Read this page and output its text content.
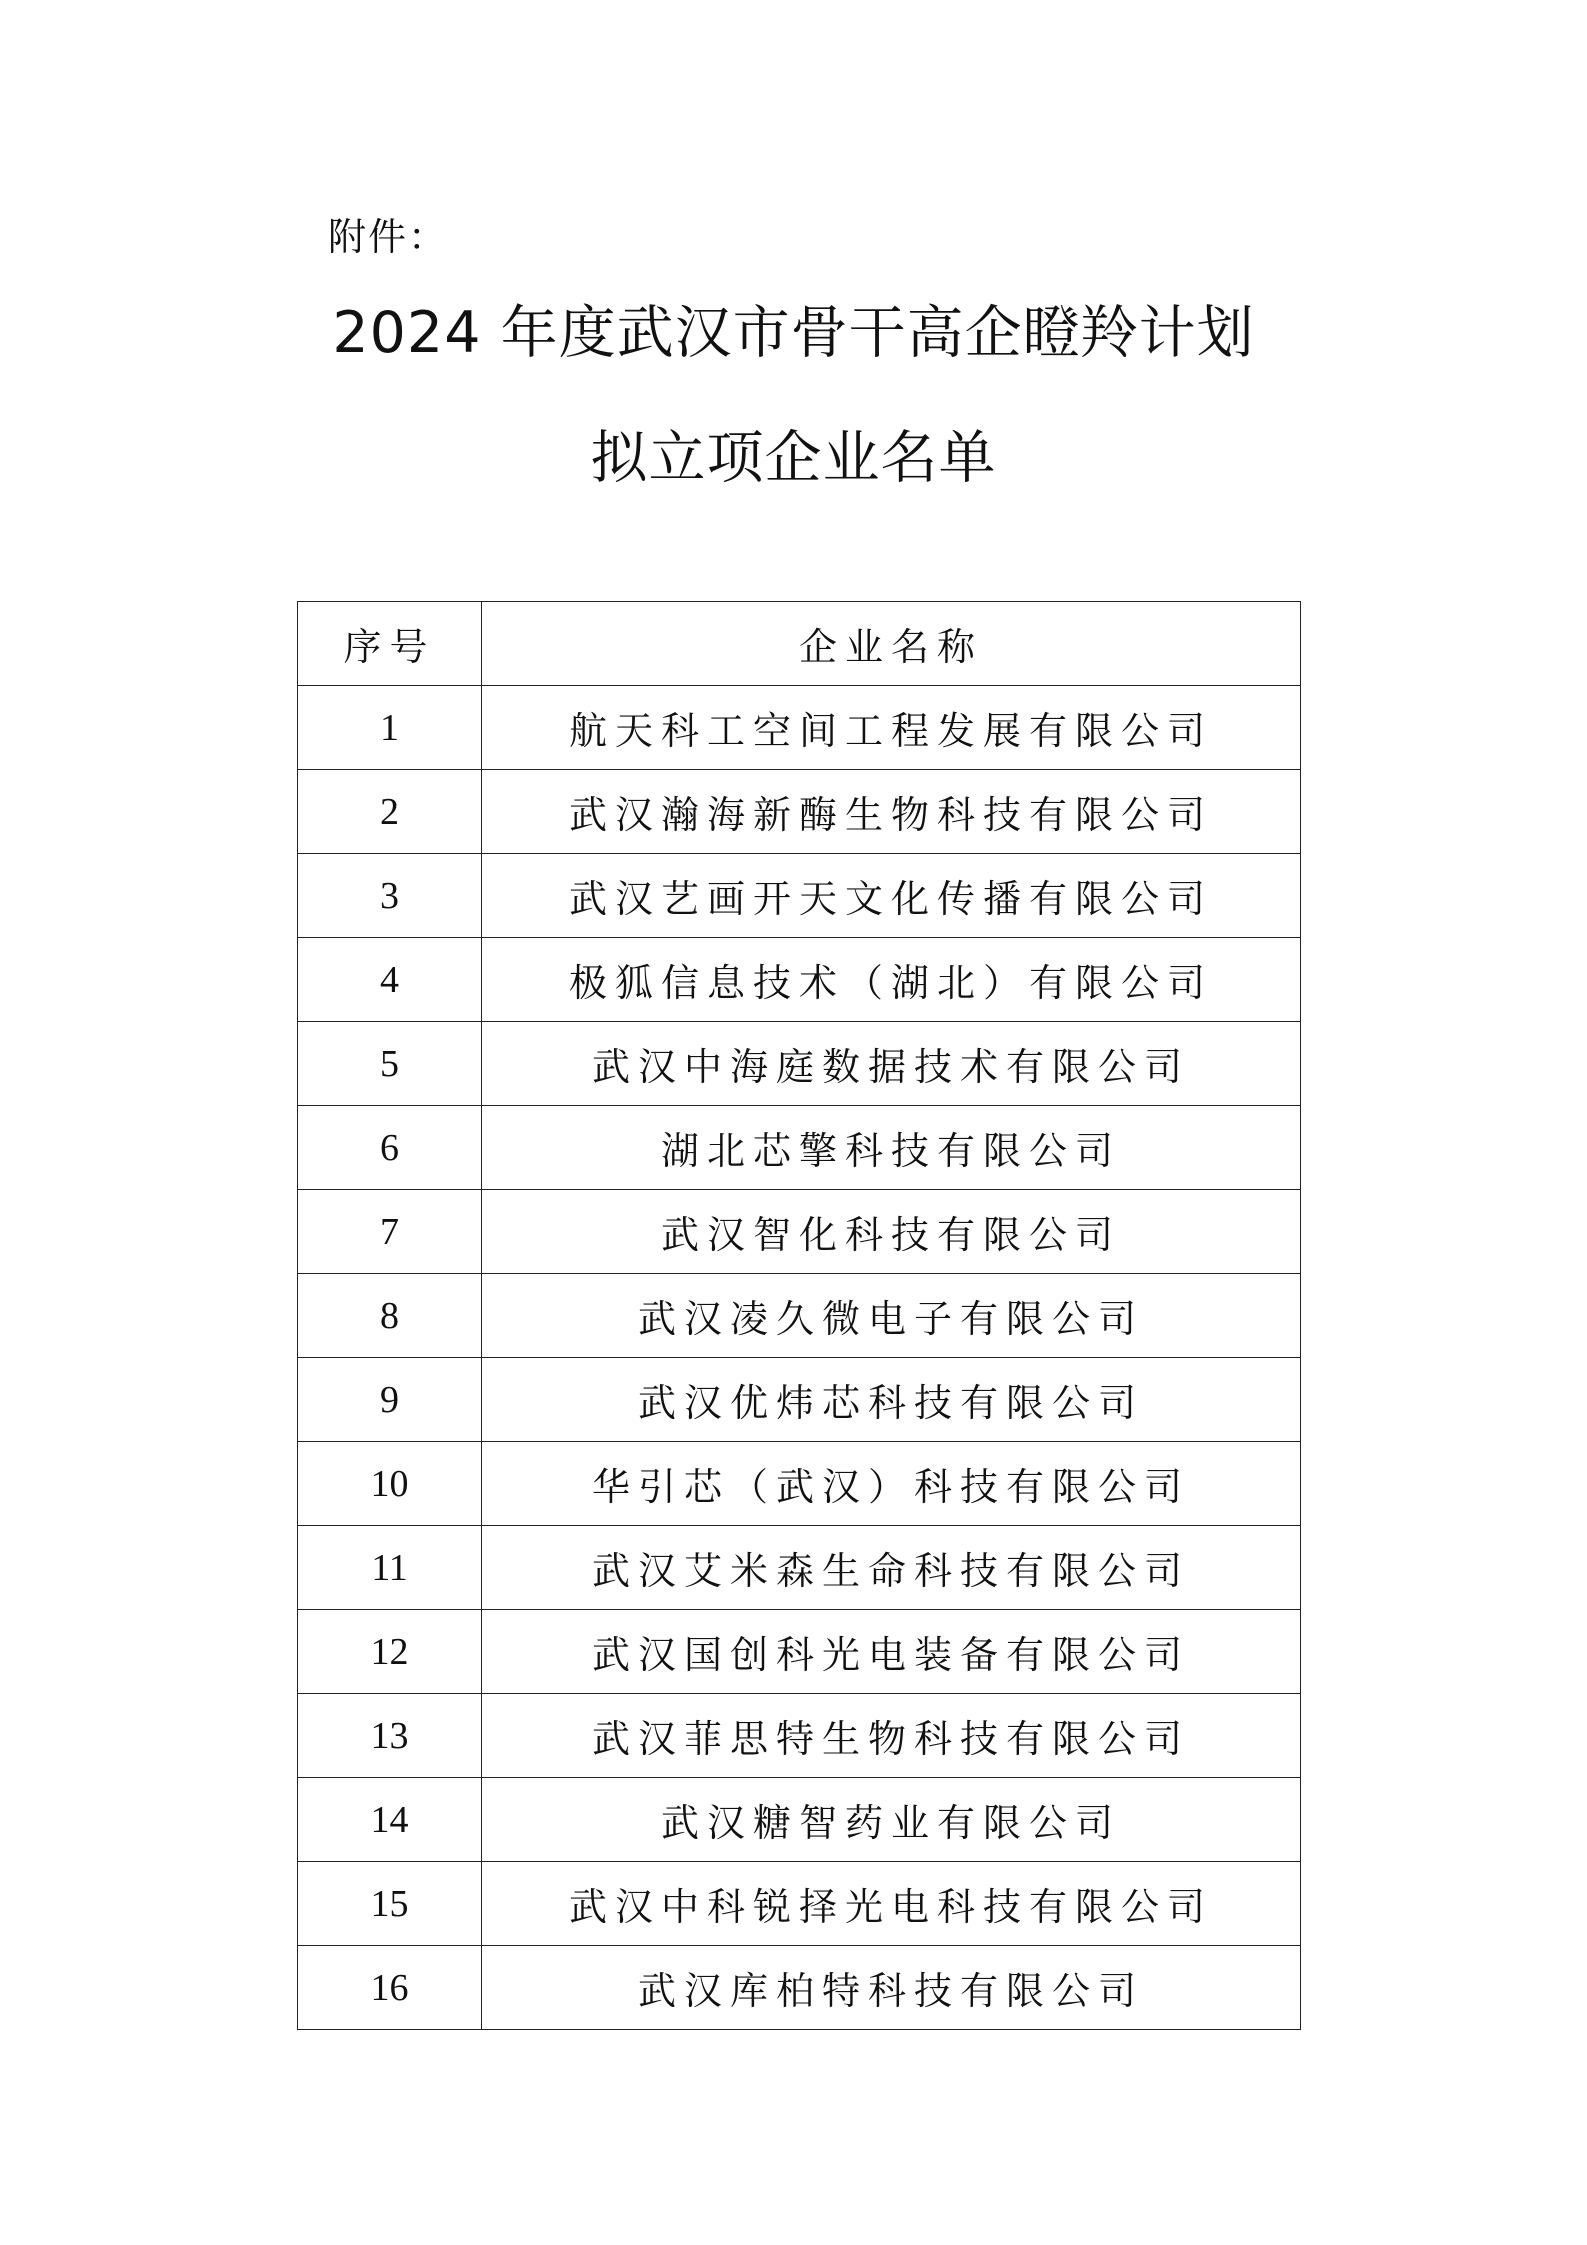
附件：
2024 年度武汉市骨干高企瞪羚计划
拟立项企业名单
序号	企业名称
1	航天科工空间工程发展有限公司
2	武汉瀚海新酶生物科技有限公司
3	武汉艺画开天文化传播有限公司
4	极狐信息技术（湖北）有限公司
5	武汉中海庭数据技术有限公司
6	湖北芯擎科技有限公司
7	武汉智化科技有限公司
8	武汉凌久微电子有限公司
9	武汉优炜芯科技有限公司
10	华引芯（武汉）科技有限公司
11	武汉艾米森生命科技有限公司
12	武汉国创科光电装备有限公司
13	武汉菲思特生物科技有限公司
14	武汉糖智药业有限公司
15	武汉中科锐择光电科技有限公司
16	武汉库柏特科技有限公司
